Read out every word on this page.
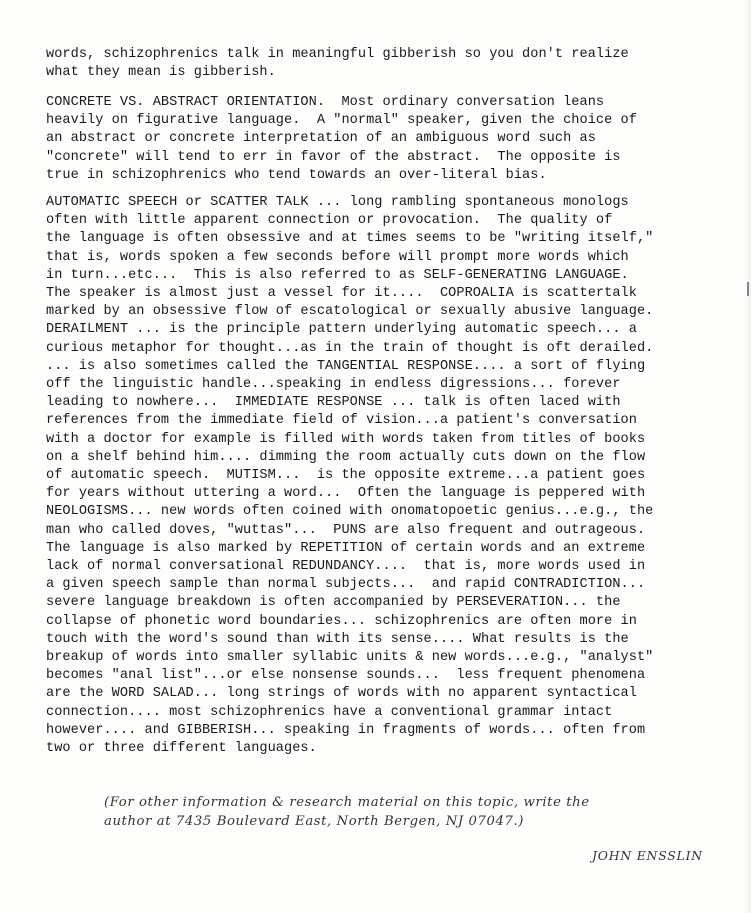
words, schizophrenics talk in meaningful gibberish so you don't realize
what they mean is gibberish.
CONCRETE VS. ABSTRACT ORIENTATION.  Most ordinary conversation leans
heavily on figurative language.  A "normal" speaker, given the choice of
an abstract or concrete interpretation of an ambiguous word such as
"concrete" will tend to err in favor of the abstract.  The opposite is
true in schizophrenics who tend towards an over-literal bias.
AUTOMATIC SPEECH or SCATTER TALK ... long rambling spontaneous monologs
often with little apparent connection or provocation.  The quality of
the language is often obsessive and at times seems to be "writing itself,"
that is, words spoken a few seconds before will prompt more words which
in turn...etc...  This is also referred to as SELF-GENERATING LANGUAGE.
The speaker is almost just a vessel for it....  COPROALIA is scattertalk
marked by an obsessive flow of escatological or sexually abusive language.
DERAILMENT ... is the principle pattern underlying automatic speech... a
curious metaphor for thought...as in the train of thought is oft derailed.
... is also sometimes called the TANGENTIAL RESPONSE.... a sort of flying
off the linguistic handle...speaking in endless digressions... forever
leading to nowhere...  IMMEDIATE RESPONSE ... talk is often laced with
references from the immediate field of vision...a patient's conversation
with a doctor for example is filled with words taken from titles of books
on a shelf behind him.... dimming the room actually cuts down on the flow
of automatic speech.  MUTISM...  is the opposite extreme...a patient goes
for years without uttering a word...  Often the language is peppered with
NEOLOGISMS... new words often coined with onomatopoetic genius...e.g., the
man who called doves, "wuttas"...  PUNS are also frequent and outrageous.
The language is also marked by REPETITION of certain words and an extreme
lack of normal conversational REDUNDANCY....  that is, more words used in
a given speech sample than normal subjects...  and rapid CONTRADICTION...
severe language breakdown is often accompanied by PERSEVERATION... the
collapse of phonetic word boundaries... schizophrenics are often more in
touch with the word's sound than with its sense.... What results is the
breakup of words into smaller syllabic units & new words...e.g., "analyst"
becomes "anal list"...or else nonsense sounds...  less frequent phenomena
are the WORD SALAD... long strings of words with no apparent syntactical
connection.... most schizophrenics have a conventional grammar intact
however.... and GIBBERISH... speaking in fragments of words... often from
two or three different languages.
(For other information & research material on this topic, write the
author at 7435 Boulevard East, North Bergen, NJ 07047.)
JOHN ENSSLIN
